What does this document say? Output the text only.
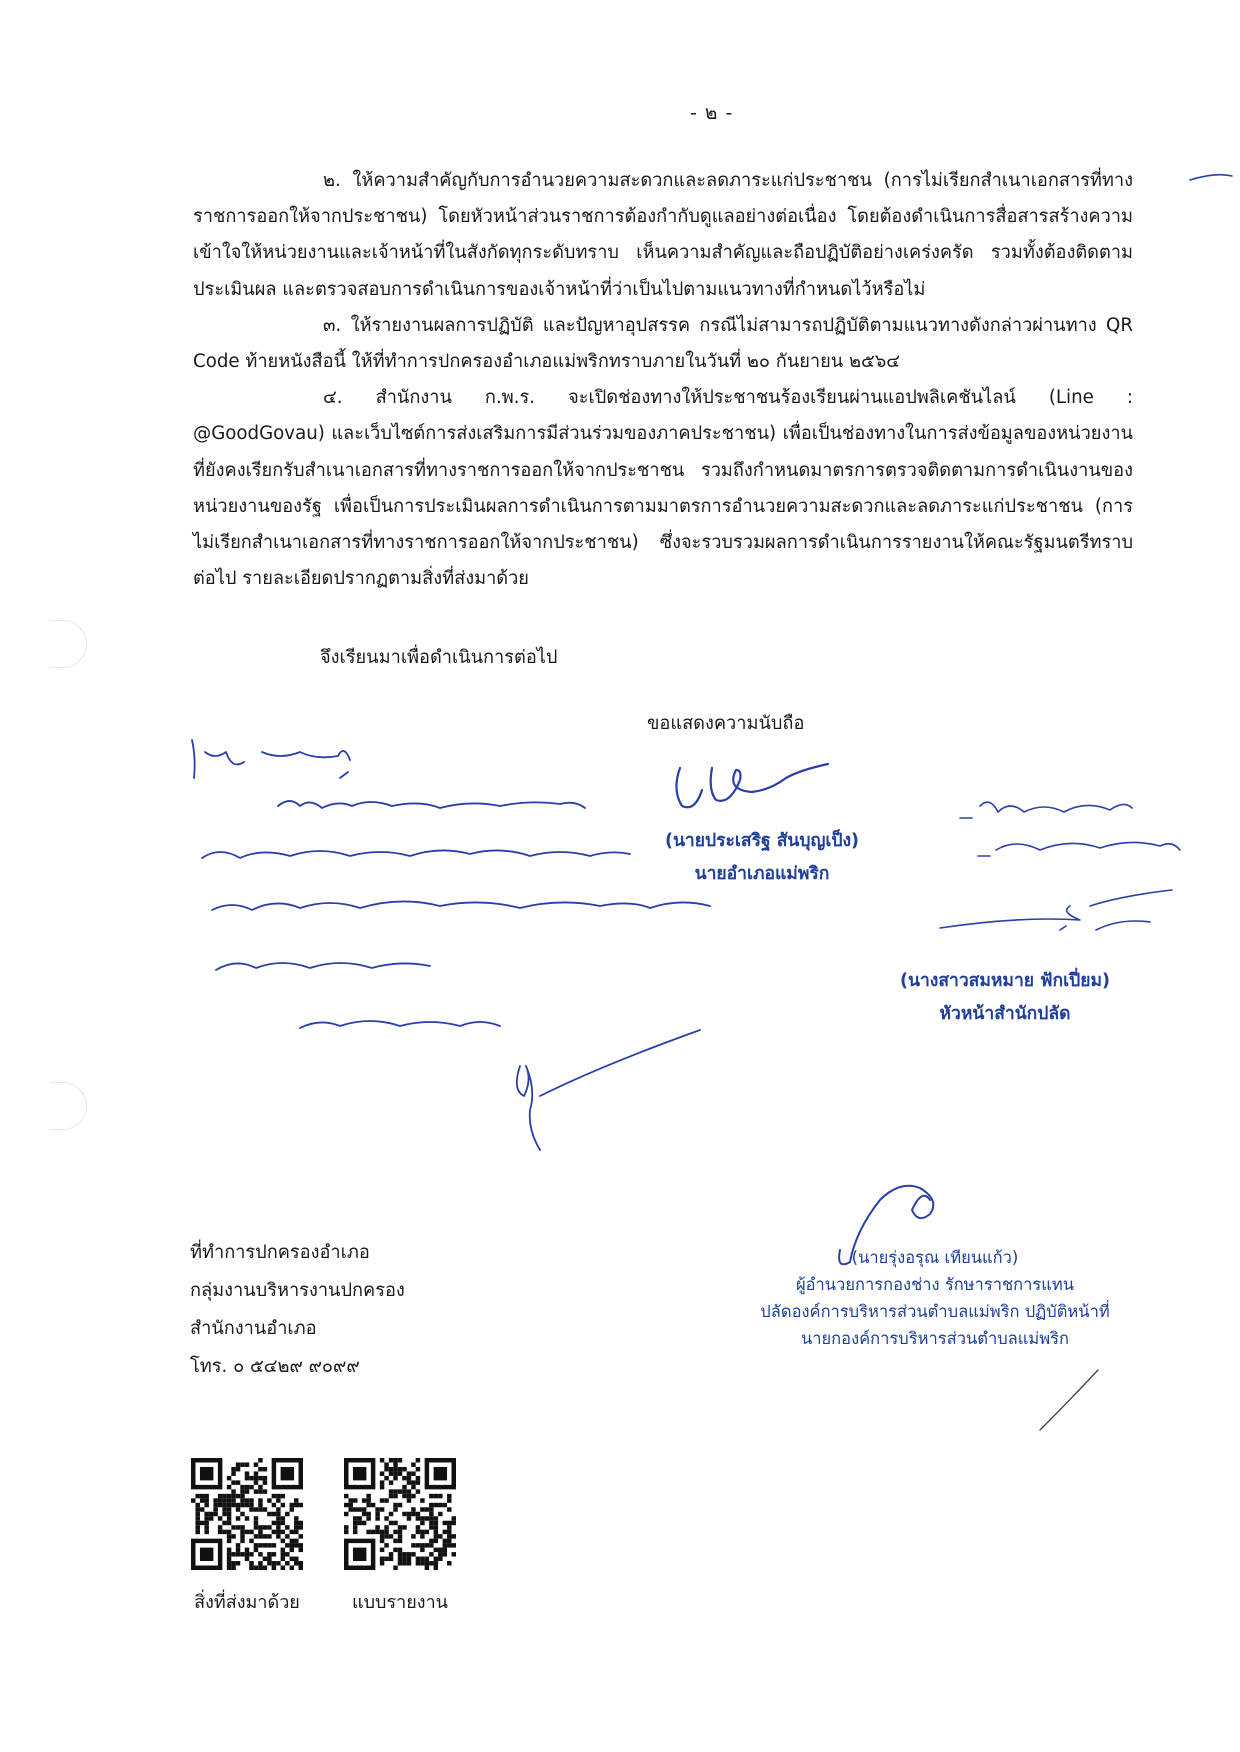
- ๒ -

๒. ให้ความสำคัญกับการอำนวยความสะดวกและลดภาระแก่ประชาชน (การไม่เรียกสำเนาเอกสารที่ทางราชการออกให้จากประชาชน) โดยหัวหน้าส่วนราชการต้องกำกับดูแลอย่างต่อเนื่อง โดยต้องดำเนินการสื่อสารสร้างความเข้าใจให้หน่วยงานและเจ้าหน้าที่ในสังกัดทุกระดับทราบ เห็นความสำคัญและถือปฏิบัติอย่างเคร่งครัด รวมทั้งต้องติดตามประเมินผล และตรวจสอบการดำเนินการของเจ้าหน้าที่ว่าเป็นไปตามแนวทางที่กำหนดไว้หรือไม่

๓. ให้รายงานผลการปฏิบัติ และปัญหาอุปสรรค กรณีไม่สามารถปฏิบัติตามแนวทางดังกล่าวผ่านทาง QR Code ท้ายหนังสือนี้ ให้ที่ทำการปกครองอำเภอแม่พริกทราบภายในวันที่ ๒๐ กันยายน ๒๕๖๔

๔. สำนักงาน ก.พ.ร. จะเปิดช่องทางให้ประชาชนร้องเรียนผ่านแอปพลิเคชันไลน์ (Line : @GoodGovau) และเว็บไซต์การส่งเสริมการมีส่วนร่วมของภาคประชาชน) เพื่อเป็นช่องทางในการส่งข้อมูลของหน่วยงานที่ยังคงเรียกรับสำเนาเอกสารที่ทางราชการออกให้จากประชาชน รวมถึงกำหนดมาตรการตรวจติดตามการดำเนินงานของหน่วยงานของรัฐ เพื่อเป็นการประเมินผลการดำเนินการตามมาตรการอำนวยความสะดวกและลดภาระแก่ประชาชน (การไม่เรียกสำเนาเอกสารที่ทางราชการออกให้จากประชาชน) ซึ่งจะรวบรวมผลการดำเนินการรายงานให้คณะรัฐมนตรีทราบต่อไป รายละเอียดปรากฏตามสิ่งที่ส่งมาด้วย

จึงเรียนมาเพื่อดำเนินการต่อไป
ขอแสดงความนับถือ
(นายประเสริฐ สันบุญเป็ง)
นายอำเภอแม่พริก
(นางสาวสมหมาย ฟักเปี่ยม)
หัวหน้าสำนักปลัด
(นายรุ่งอรุณ เทียนแก้ว)
ผู้อำนวยการกองช่าง รักษาราชการแทน
ปลัดองค์การบริหารส่วนตำบลแม่พริก ปฏิบัติหน้าที่
นายกองค์การบริหารส่วนตำบลแม่พริก
ที่ทำการปกครองอำเภอ
กลุ่มงานบริหารงานปกครอง
สำนักงานอำเภอ
โทร. ๐ ๕๔๒๙ ๙๐๙๙
สิ่งที่ส่งมาด้วย	แบบรายงาน
